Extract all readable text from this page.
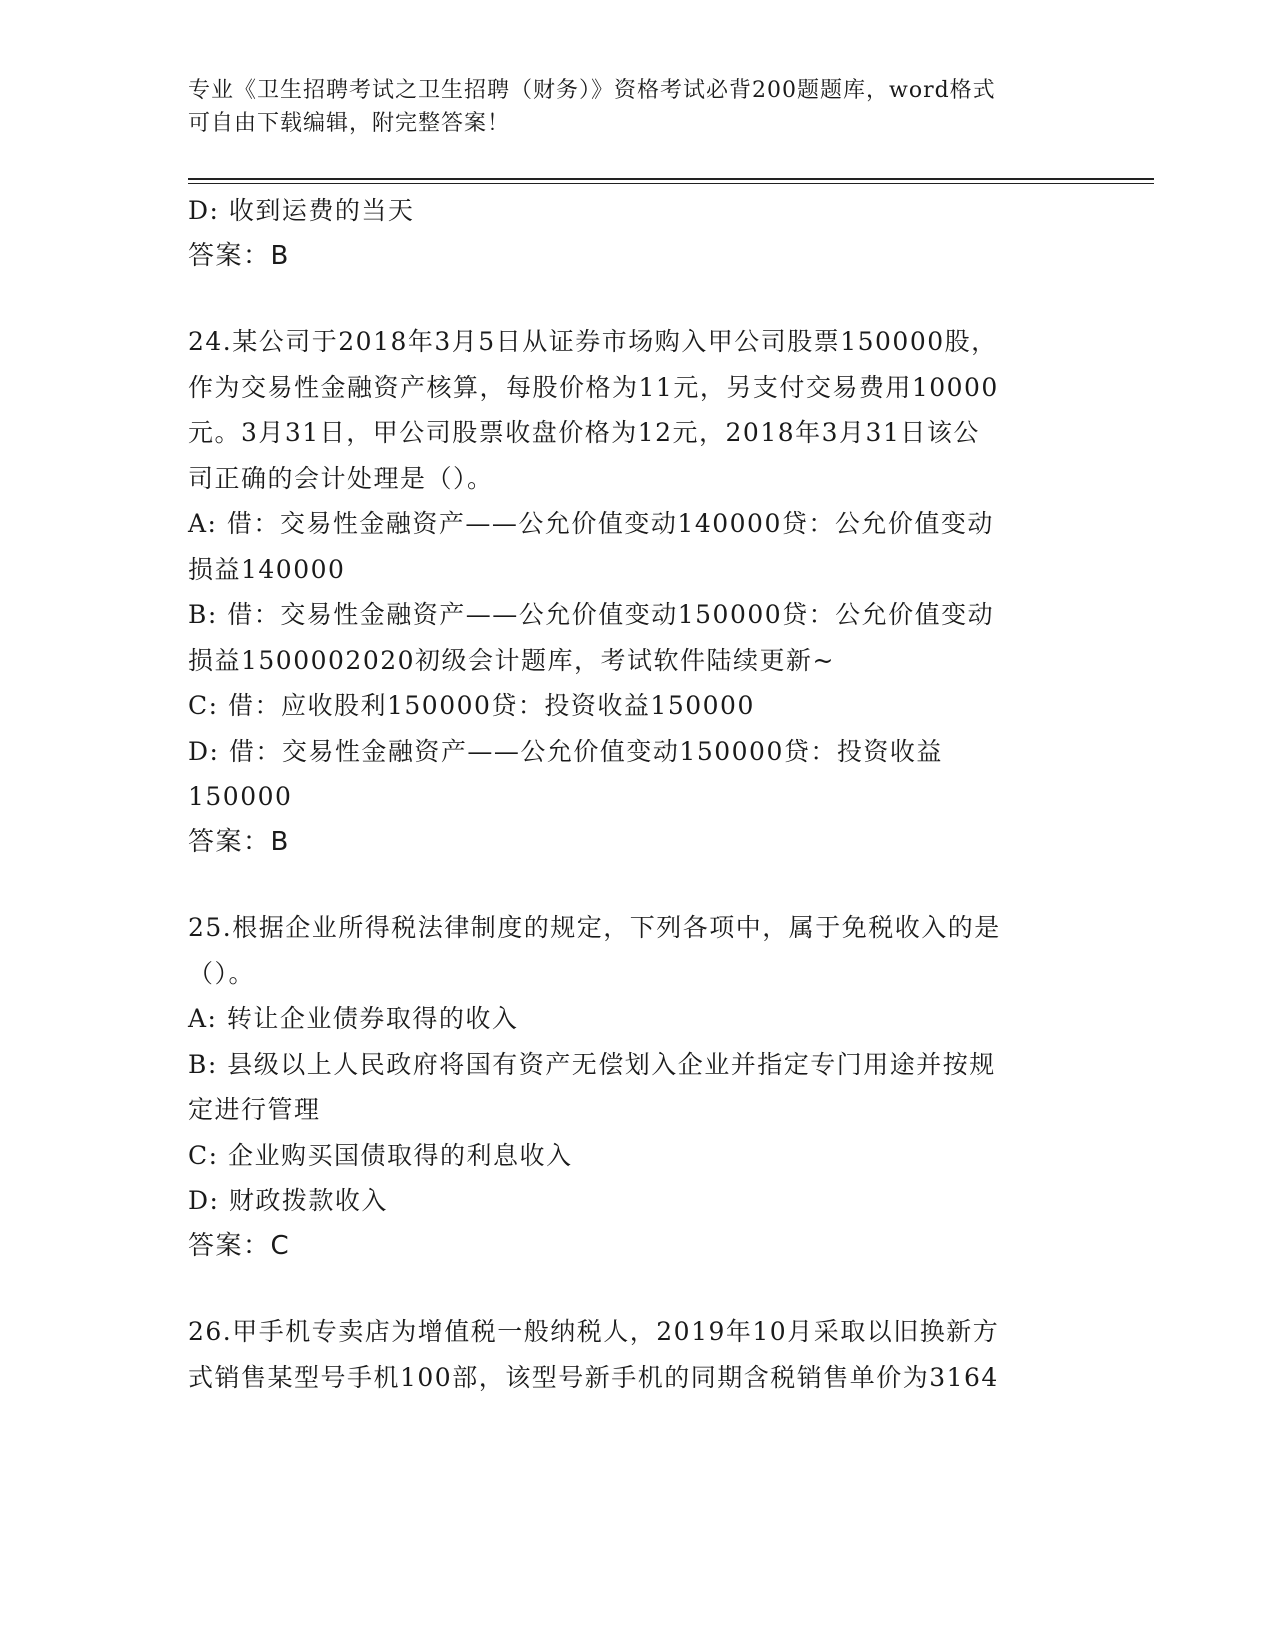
专业《卫生招聘考试之卫生招聘（财务）》资格考试必背200题题库，word格式
可自由下载编辑，附完整答案！
D: 收到运费的当天
答案：B
24.某公司于2018年3月5日从证券市场购入甲公司股票150000股，
作为交易性金融资产核算，每股价格为11元，另支付交易费用10000
元。3月31日，甲公司股票收盘价格为12元，2018年3月31日该公
司正确的会计处理是（）。
A: 借：交易性金融资产——公允价值变动140000贷：公允价值变动
损益140000
B: 借：交易性金融资产——公允价值变动150000贷：公允价值变动
损益1500002020初级会计题库，考试软件陆续更新~
C: 借：应收股利150000贷：投资收益150000
D: 借：交易性金融资产——公允价值变动150000贷：投资收益
150000
答案：B
25.根据企业所得税法律制度的规定，下列各项中，属于免税收入的是
（）。
A: 转让企业债券取得的收入
B: 县级以上人民政府将国有资产无偿划入企业并指定专门用途并按规
定进行管理
C: 企业购买国债取得的利息收入
D: 财政拨款收入
答案：C
26.甲手机专卖店为增值税一般纳税人，2019年10月采取以旧换新方
式销售某型号手机100部，该型号新手机的同期含税销售单价为3164
